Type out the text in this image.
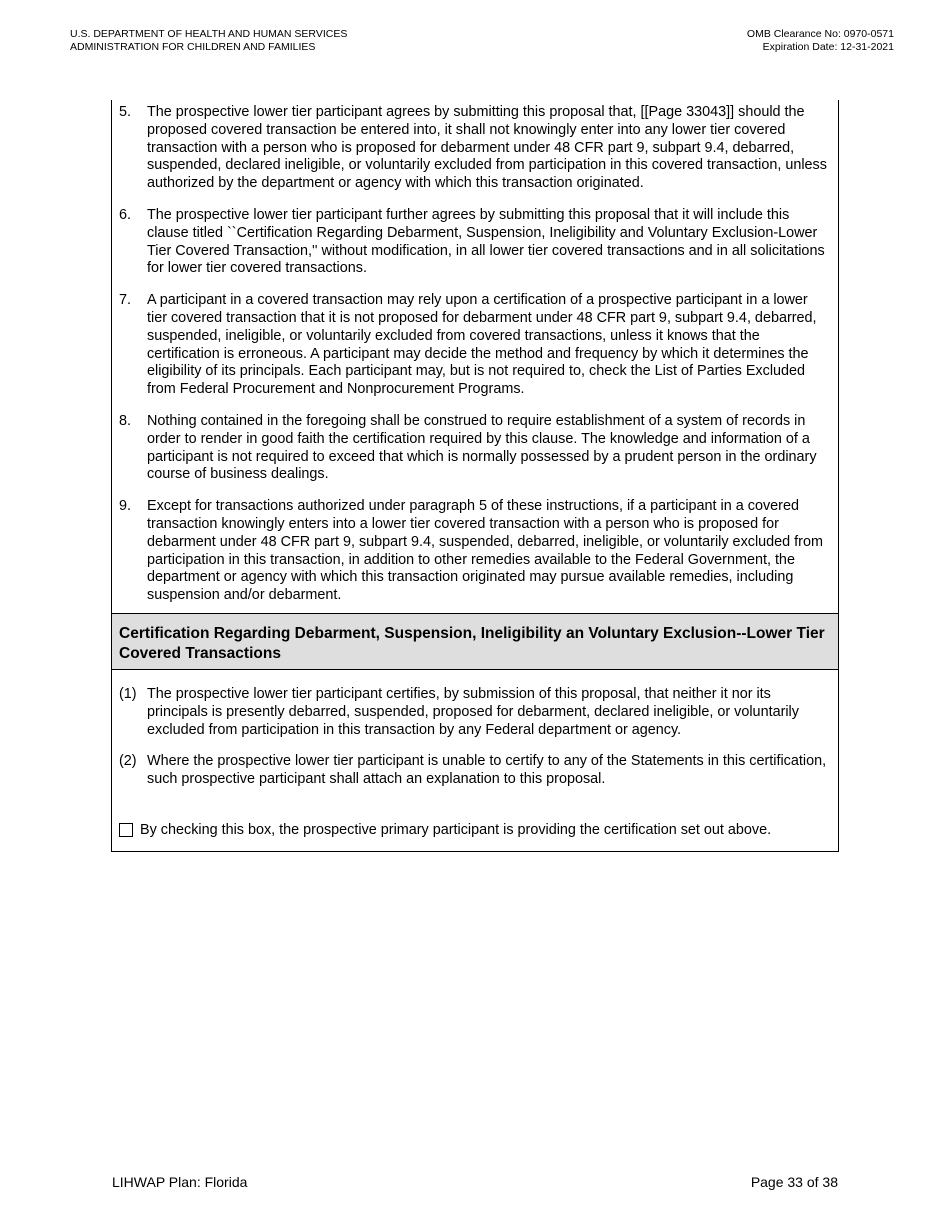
U.S. DEPARTMENT OF HEALTH AND HUMAN SERVICES
ADMINISTRATION FOR CHILDREN AND FAMILIES
OMB Clearance No: 0970-0571
Expiration Date: 12-31-2021
5.	The prospective lower tier participant agrees by submitting this proposal that, [[Page 33043]] should the proposed covered transaction be entered into, it shall not knowingly enter into any lower tier covered transaction with a person who is proposed for debarment under 48 CFR part 9, subpart 9.4, debarred, suspended, declared ineligible, or voluntarily excluded from participation in this covered transaction, unless authorized by the department or agency with which this transaction originated.
6.	The prospective lower tier participant further agrees by submitting this proposal that it will include this clause titled ``Certification Regarding Debarment, Suspension, Ineligibility and Voluntary Exclusion-Lower Tier Covered Transaction,'' without modification, in all lower tier covered transactions and in all solicitations for lower tier covered transactions.
7.	A participant in a covered transaction may rely upon a certification of a prospective participant in a lower tier covered transaction that it is not proposed for debarment under 48 CFR part 9, subpart 9.4, debarred, suspended, ineligible, or voluntarily excluded from covered transactions, unless it knows that the certification is erroneous. A participant may decide the method and frequency by which it determines the eligibility of its principals. Each participant may, but is not required to, check the List of Parties Excluded from Federal Procurement and Nonprocurement Programs.
8.	Nothing contained in the foregoing shall be construed to require establishment of a system of records in order to render in good faith the certification required by this clause. The knowledge and information of a participant is not required to exceed that which is normally possessed by a prudent person in the ordinary course of business dealings.
9.	Except for transactions authorized under paragraph 5 of these instructions, if a participant in a covered transaction knowingly enters into a lower tier covered transaction with a person who is proposed for debarment under 48 CFR part 9, subpart 9.4, suspended, debarred, ineligible, or voluntarily excluded from participation in this transaction, in addition to other remedies available to the Federal Government, the department or agency with which this transaction originated may pursue available remedies, including suspension and/or debarment.
Certification Regarding Debarment, Suspension, Ineligibility an Voluntary Exclusion--Lower Tier Covered Transactions
(1) The prospective lower tier participant certifies, by submission of this proposal, that neither it nor its principals is presently debarred, suspended, proposed for debarment, declared ineligible, or voluntarily excluded from participation in this transaction by any Federal department or agency.
(2) Where the prospective lower tier participant is unable to certify to any of the Statements in this certification, such prospective participant shall attach an explanation to this proposal.
By checking this box, the prospective primary participant is providing the certification set out above.
LIHWAP Plan: Florida	Page 33 of 38
